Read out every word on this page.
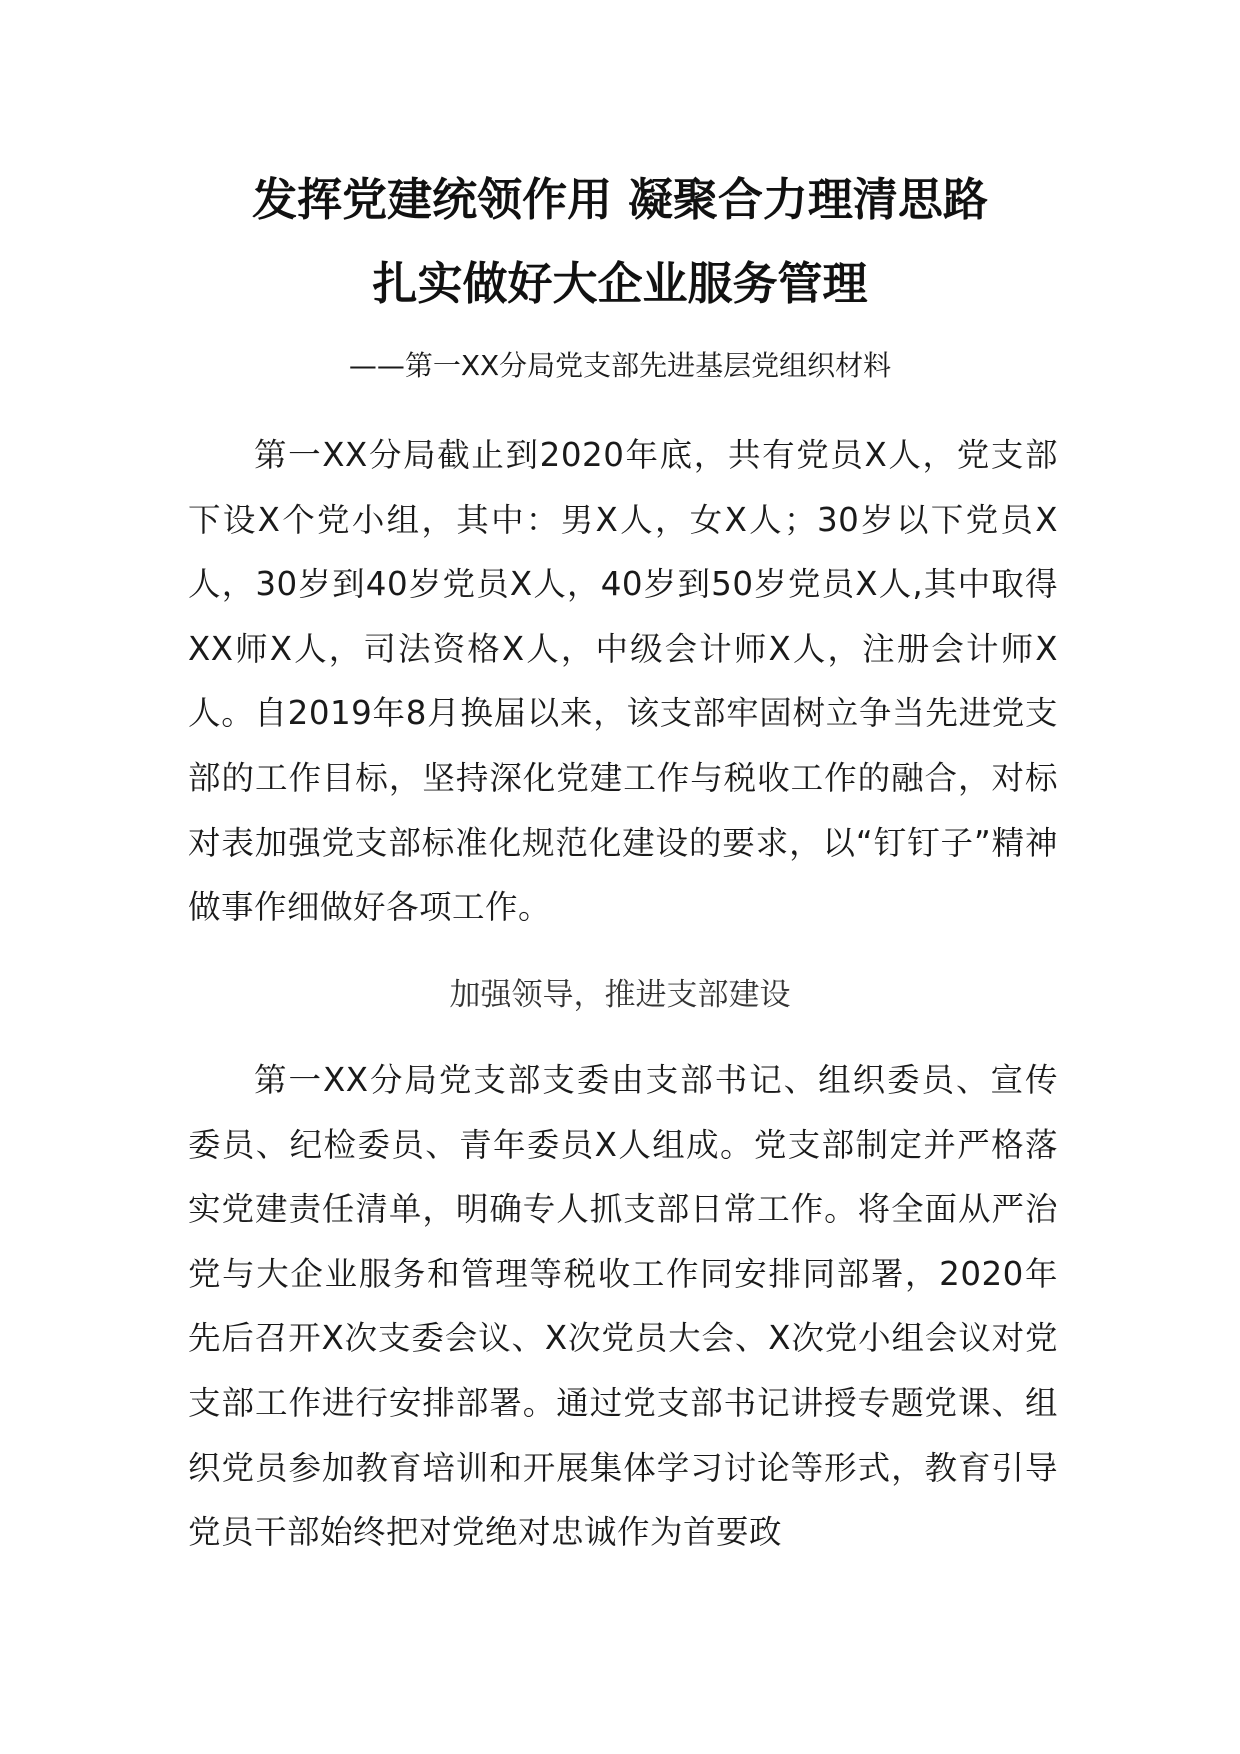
发挥党建统领作用 凝聚合力理清思路
扎实做好大企业服务管理
——第一XX分局党支部先进基层党组织材料

第一XX分局截止到2020年底，共有党员X人，党支部下设X个党小组，其中：男X人，女X人；30岁以下党员X人，30岁到40岁党员X人，40岁到50岁党员X人,其中取得XX师X人，司法资格X人，中级会计师X人，注册会计师X人。自2019年8月换届以来，该支部牢固树立争当先进党支部的工作目标，坚持深化党建工作与税收工作的融合，对标对表加强党支部标准化规范化建设的要求，以“钉钉子”精神做事作细做好各项工作。

加强领导，推进支部建设

第一XX分局党支部支委由支部书记、组织委员、宣传委员、纪检委员、青年委员X人组成。党支部制定并严格落实党建责任清单，明确专人抓支部日常工作。将全面从严治党与大企业服务和管理等税收工作同安排同部署，2020年先后召开X次支委会议、X次党员大会、X次党小组会议对党支部工作进行安排部署。通过党支部书记讲授专题党课、组织党员参加教育培训和开展集体学习讨论等形式，教育引导党员干部始终把对党绝对忠诚作为首要政
